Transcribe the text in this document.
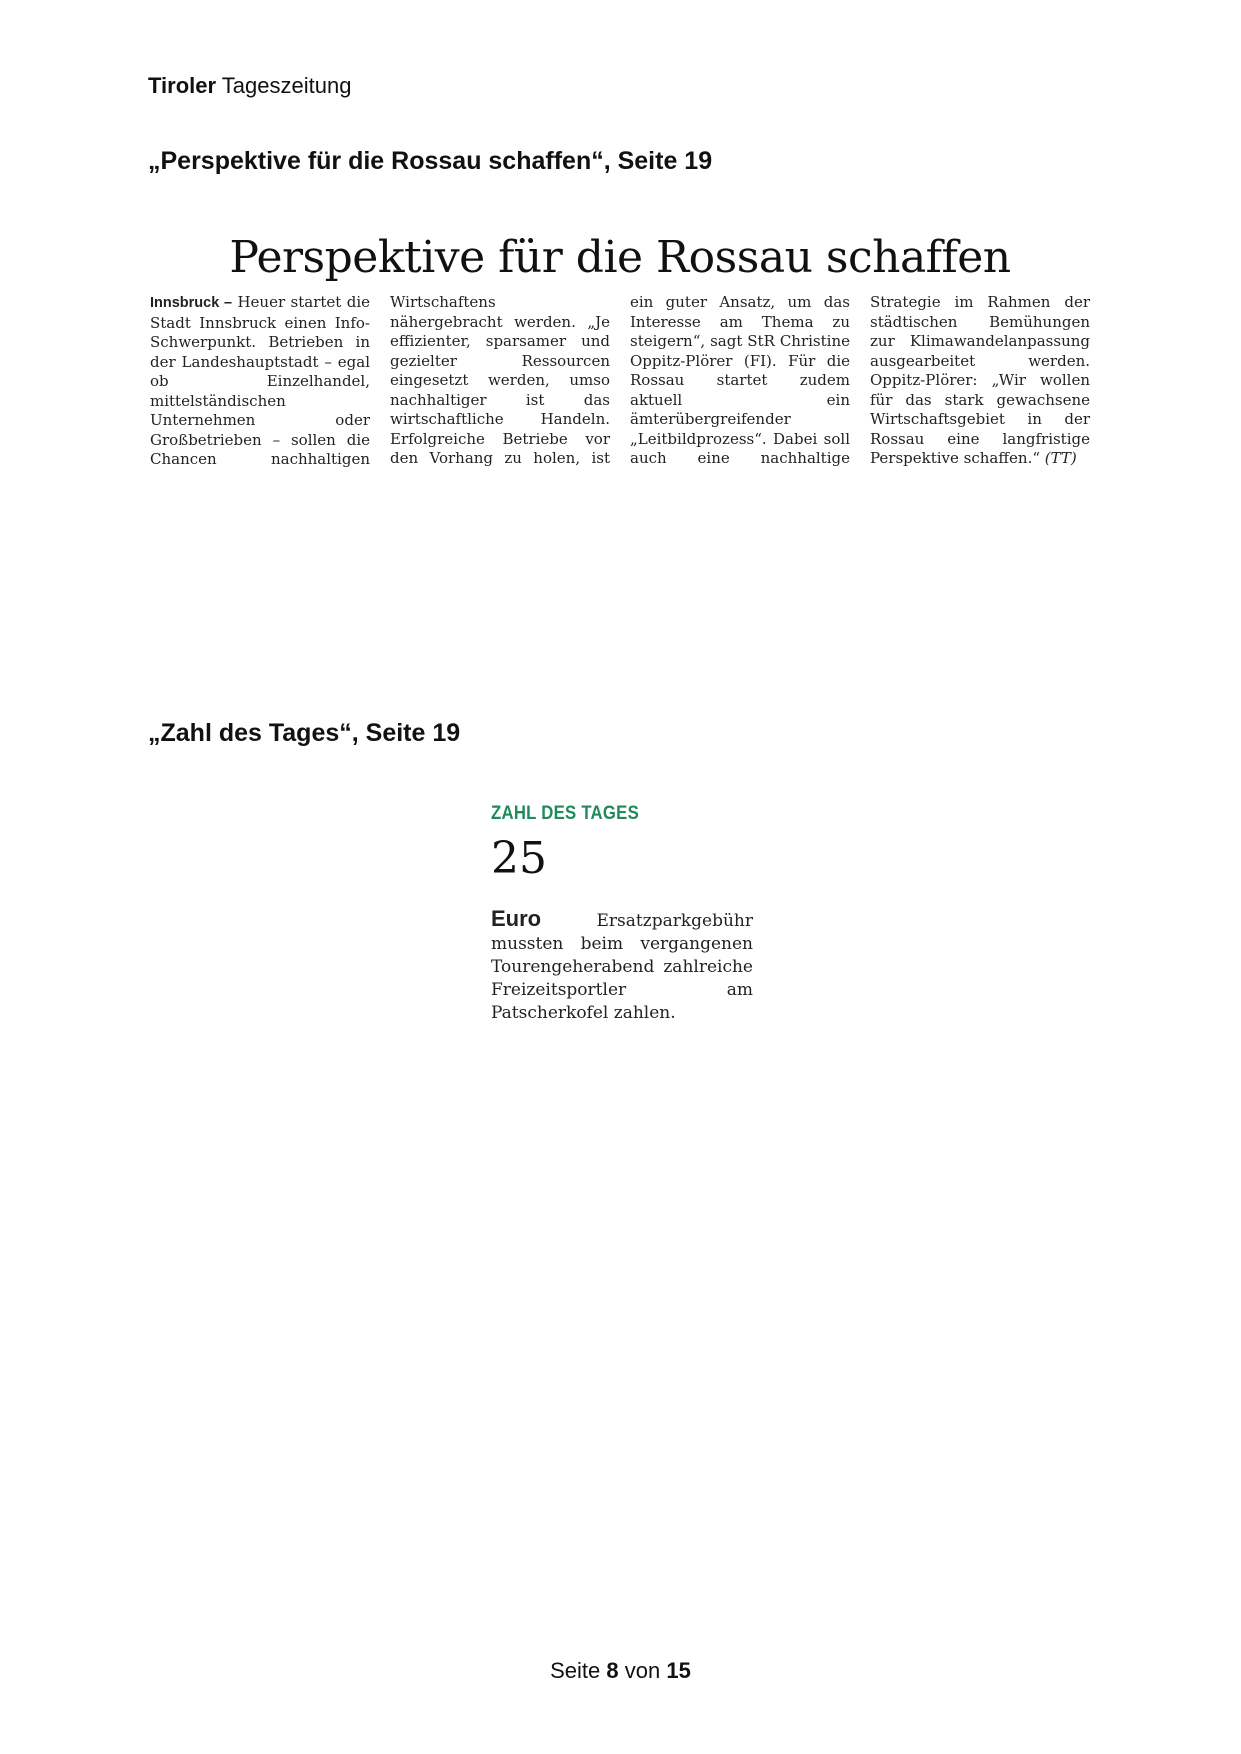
Tiroler Tageszeitung
„Perspektive für die Rossau schaffen“, Seite 19
Perspektive für die Rossau schaffen
Innsbruck – Heuer startet die Stadt Innsbruck einen Info-Schwerpunkt. Betrieben in der Landeshauptstadt – egal ob Einzelhandel, mittelständischen Unternehmen oder Großbetrieben – sollen die Chancen nachhaltigen Wirtschaftens nähergebracht werden. „Je effizienter, sparsamer und gezielter Ressourcen eingesetzt werden, umso nachhaltiger ist das wirtschaftliche Handeln. Erfolgreiche Betriebe vor den Vorhang zu holen, ist ein guter Ansatz, um das Interesse am Thema zu steigern“, sagt StR Christine Oppitz-Plörer (FI). Für die Rossau startet zudem aktuell ein ämterübergreifender „Leitbildprozess“. Dabei soll auch eine nachhaltige Strategie im Rahmen der städtischen Bemühungen zur Klimawandelanpassung ausgearbeitet werden. Oppitz-Plörer: „Wir wollen für das stark gewachsene Wirtschaftsgebiet in der Rossau eine langfristige Perspektive schaffen.“ (TT)
„Zahl des Tages“, Seite 19
ZAHL DES TAGES
25
Euro	Ersatzparkgebühr mussten beim vergangenen Tourengeherabend zahlreiche Freizeitsportler am Patscherkofel zahlen.
Seite 8 von 15
